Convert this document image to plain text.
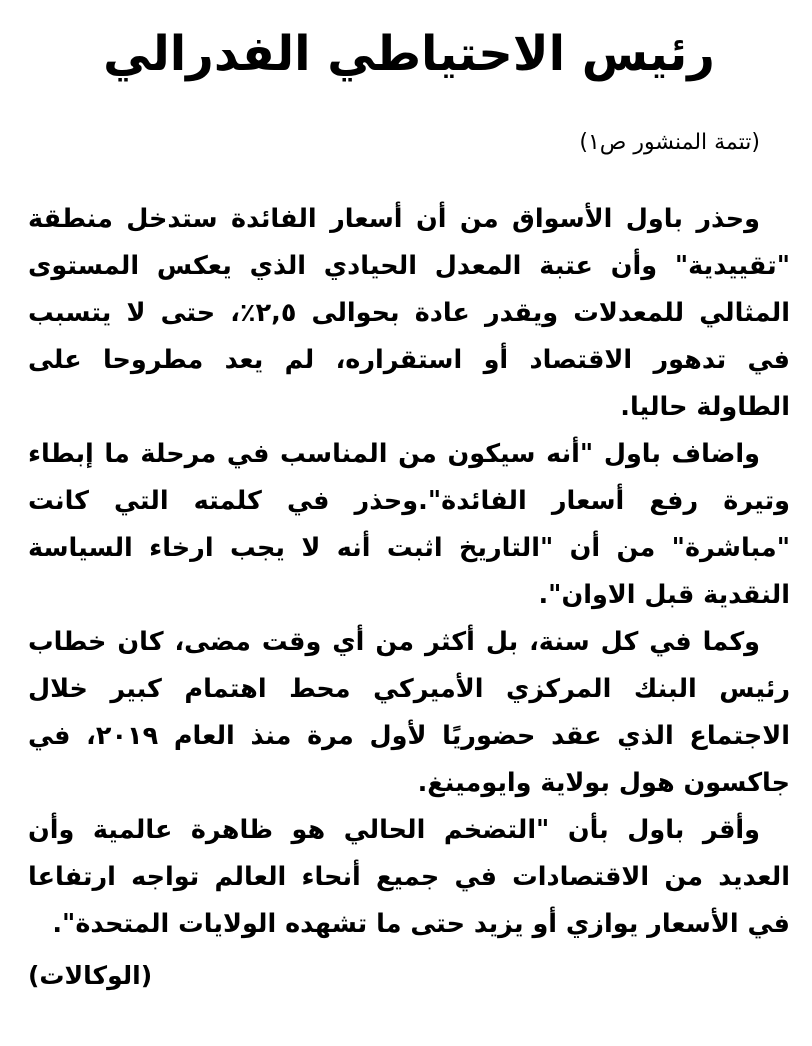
رئيس الاحتياطي الفدرالي

(تتمة المنشور ص١)

وحذر باول الأسواق من أن أسعار الفائدة ستدخل منطقة "تقييدية" وأن عتبة المعدل الحيادي الذي يعكس المستوى المثالي للمعدلات ويقدر عادة بحوالى ٢,٥٪، حتى لا يتسبب في تدهور الاقتصاد أو استقراره، لم يعد مطروحا على الطاولة حاليا.

واضاف باول "أنه سيكون من المناسب في مرحلة ما إبطاء وتيرة رفع أسعار الفائدة".وحذر في كلمته التي كانت "مباشرة" من أن "التاريخ اثبت أنه لا يجب ارخاء السياسة النقدية قبل الاوان".

وكما في كل سنة، بل أكثر من أي وقت مضى، كان خطاب رئيس البنك المركزي الأميركي محط اهتمام كبير خلال الاجتماع الذي عقد حضوريًا لأول مرة منذ العام ٢٠١٩، في جاكسون هول بولاية وايومينغ.

وأقر باول بأن "التضخم الحالي هو ظاهرة عالمية وأن العديد من الاقتصادات في جميع أنحاء العالم تواجه ارتفاعا في الأسعار يوازي أو يزيد حتى ما تشهده الولايات المتحدة".

(الوكالات)
